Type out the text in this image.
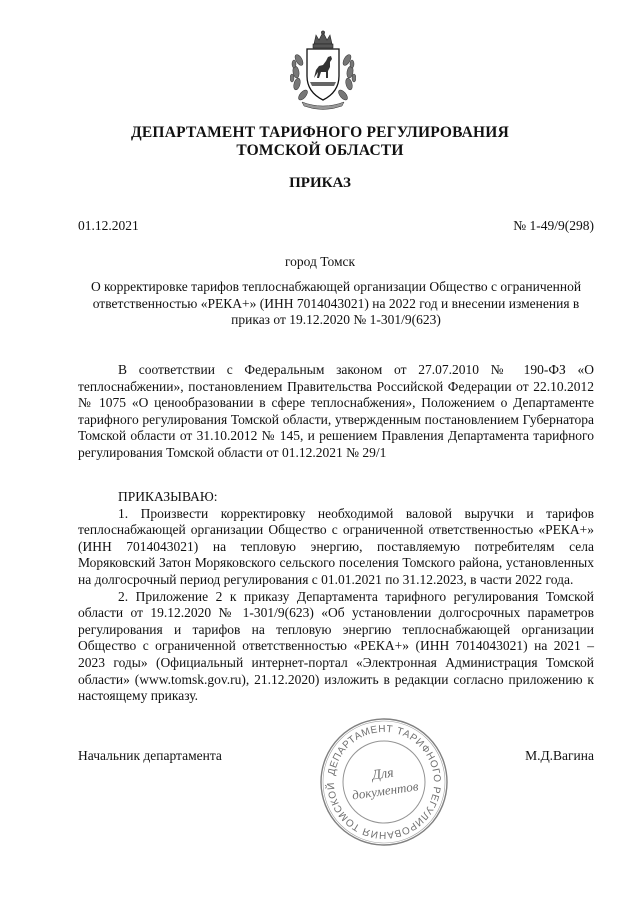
ДЕПАРТАМЕНТ ТАРИФНОГО РЕГУЛИРОВАНИЯ
ТОМСКОЙ ОБЛАСТИ
ПРИКАЗ
01.12.2021	№ 1-49/9(298)
город Томск
О корректировке тарифов теплоснабжающей организации Общество с ограниченной
ответственностью «РЕКА+» (ИНН 7014043021) на 2022 год и внесении изменения в
приказ от 19.12.2020 № 1-301/9(623)

В соответствии с Федеральным законом от 27.07.2010 № 190-ФЗ «О теплоснабжении», постановлением Правительства Российской Федерации от 22.10.2012 № 1075 «О ценообразовании в сфере теплоснабжения», Положением о Департаменте тарифного регулирования Томской области, утвержденным постановлением Губернатора Томской области от 31.10.2012 № 145, и решением Правления Департамента тарифного регулирования Томской области от 01.12.2021 № 29/1

ПРИКАЗЫВАЮ:

1. Произвести корректировку необходимой валовой выручки и тарифов теплоснабжающей организации Общество с ограниченной ответственностью «РЕКА+» (ИНН 7014043021) на тепловую энергию, поставляемую потребителям села Моряковский Затон Моряковского сельского поселения Томского района, установленных на долгосрочный период регулирования с 01.01.2021 по 31.12.2023, в части 2022 года.

2. Приложение 2 к приказу Департамента тарифного регулирования Томской области от 19.12.2020 № 1-301/9(623) «Об установлении долгосрочных параметров регулирования и тарифов на тепловую энергию теплоснабжающей организации Общество с ограниченной ответственностью «РЕКА+» (ИНН 7014043021) на 2021 – 2023 годы» (Официальный интернет-портал «Электронная Администрация Томской области» (www.tomsk.gov.ru), 21.12.2020) изложить в редакции согласно приложению к настоящему приказу.

Начальник департамента	М.Д.Вагина
ДЕПАРТАМЕНТ ТАРИФНОГО РЕГУЛИРОВАНИЯ ТОМСКОЙ
Для
документов
